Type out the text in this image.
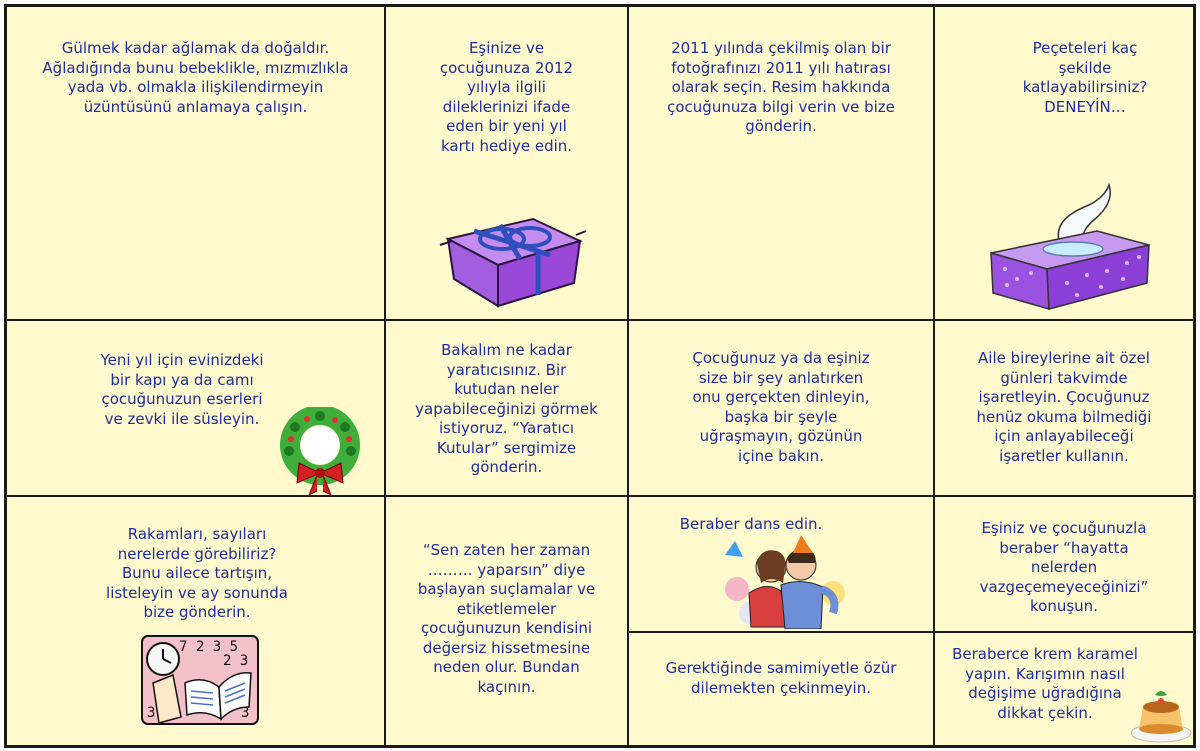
Gülmek kadar ağlamak da doğaldır.
Ağladığında bunu bebeklikle, mızmızlıkla
yada vb. olmakla ilişkilendirmeyin
üzüntüsünü anlamaya çalışın.
Eşinize ve
çocuğunuza 2012
yılıyla ilgili
dileklerinizi ifade
eden bir yeni yıl
kartı hediye edin.
2011 yılında çekilmiş olan bir
fotoğrafınızı 2011 yılı hatırası
olarak seçin. Resim hakkında
çocuğunuza bilgi verin ve bize
gönderin.
Peçeteleri kaç
şekilde
katlayabilirsiniz?
DENEYİN…
Yeni yıl için evinizdeki
bir kapı ya da camı
çocuğunuzun eserleri
ve zevki ile süsleyin.
Bakalım ne kadar
yaratıcısınız. Bir
kutudan neler
yapabileceğinizi görmek
istiyoruz. “Yaratıcı
Kutular” sergimize
gönderin.
Çocuğunuz ya da eşiniz
size bir şey anlatırken
onu gerçekten dinleyin,
başka bir şeyle
uğraşmayın, gözünün
içine bakın.
Aile bireylerine ait özel
günleri takvimde
işaretleyin. Çocuğunuz
henüz okuma bilmediği
için anlayabileceği
işaretler kullanın.
Rakamları, sayıları
nerelerde görebiliriz?
Bunu ailece tartışın,
listeleyin ve ay sonunda
bize gönderin.
7 2 3 5
2 3
3
3
“Sen zaten her zaman
……… yaparsın” diye
başlayan suçlamalar ve
etiketlemeler
çocuğunuzun kendisini
değersiz hissetmesine
neden olur. Bundan
kaçının.
Beraber dans edin.
Gerektiğinde samimiyetle özür
dilemekten çekinmeyin.
Eşiniz ve çocuğunuzla
beraber “hayatta
nelerden
vazgeçemeyeceğinizi”
konuşun.
Beraberce krem karamel
yapın. Karışımın nasıl
değişime uğradığına
dikkat çekin.
